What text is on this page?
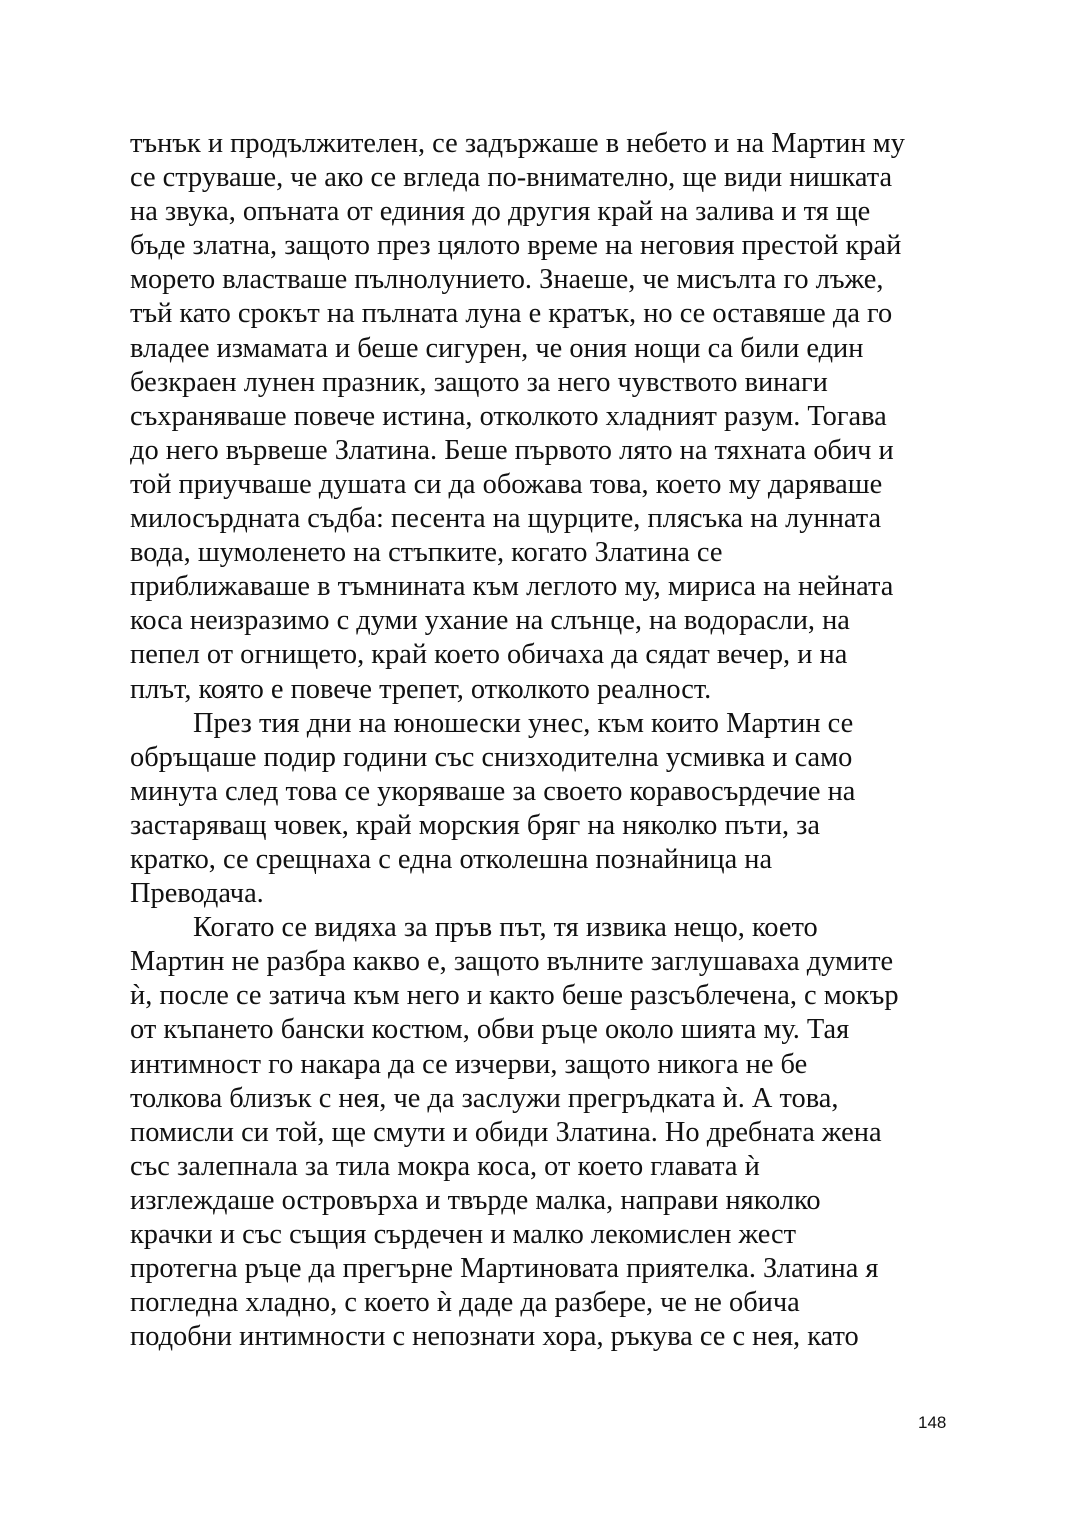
тънък и продължителен, се задържаше в небето и на Мартин му
се струваше, че ако се вгледа по-внимателно, ще види нишката
на звука, опъната от единия до другия край на залива и тя ще
бъде златна, защото през цялото време на неговия престой край
морето властваше пълнолунието. Знаеше, че мисълта го лъже,
тъй като срокът на пълната луна е кратък, но се оставяше да го
владее измамата и беше сигурен, че ония нощи са били един
безкраен лунен празник, защото за него чувството винаги
съхраняваше повече истина, отколкото хладният разум. Тогава
до него вървеше Златина. Беше първото лято на тяхната обич и
той приучваше душата си да обожава това, което му даряваше
милосърдната съдба: песента на щурците, плясъка на лунната
вода, шумоленето на стъпките, когато Златина се
приближаваше в тъмнината към леглото му, мириса на нейната
коса неизразимо с думи ухание на слънце, на водорасли, на
пепел от огнището, край което обичаха да сядат вечер, и на
плът, която е повече трепет, отколкото реалност.
През тия дни на юношески унес, към които Мартин се
обръщаше подир години със снизходителна усмивка и само
минута след това се укоряваше за своето коравосърдечие на
застаряващ човек, край морския бряг на няколко пъти, за
кратко, се срещнаха с една отколешна познайница на
Преводача.
Когато се видяха за пръв път, тя извика нещо, което
Мартин не разбра какво е, защото вълните заглушаваха думите
ѝ, после се затича към него и както беше разсъблечена, с мокър
от къпането бански костюм, обви ръце около шията му. Тая
интимност го накара да се изчерви, защото никога не бе
толкова близък с нея, че да заслужи прегръдката ѝ. А това,
помисли си той, ще смути и обиди Златина. Но дребната жена
със залепнала за тила мокра коса, от което главата ѝ
изглеждаше островърха и твърде малка, направи няколко
крачки и със същия сърдечен и малко лекомислен жест
протегна ръце да прегърне Мартиновата приятелка. Златина я
погледна хладно, с което ѝ даде да разбере, че не обича
подобни интимности с непознати хора, ръкува се с нея, като
148
